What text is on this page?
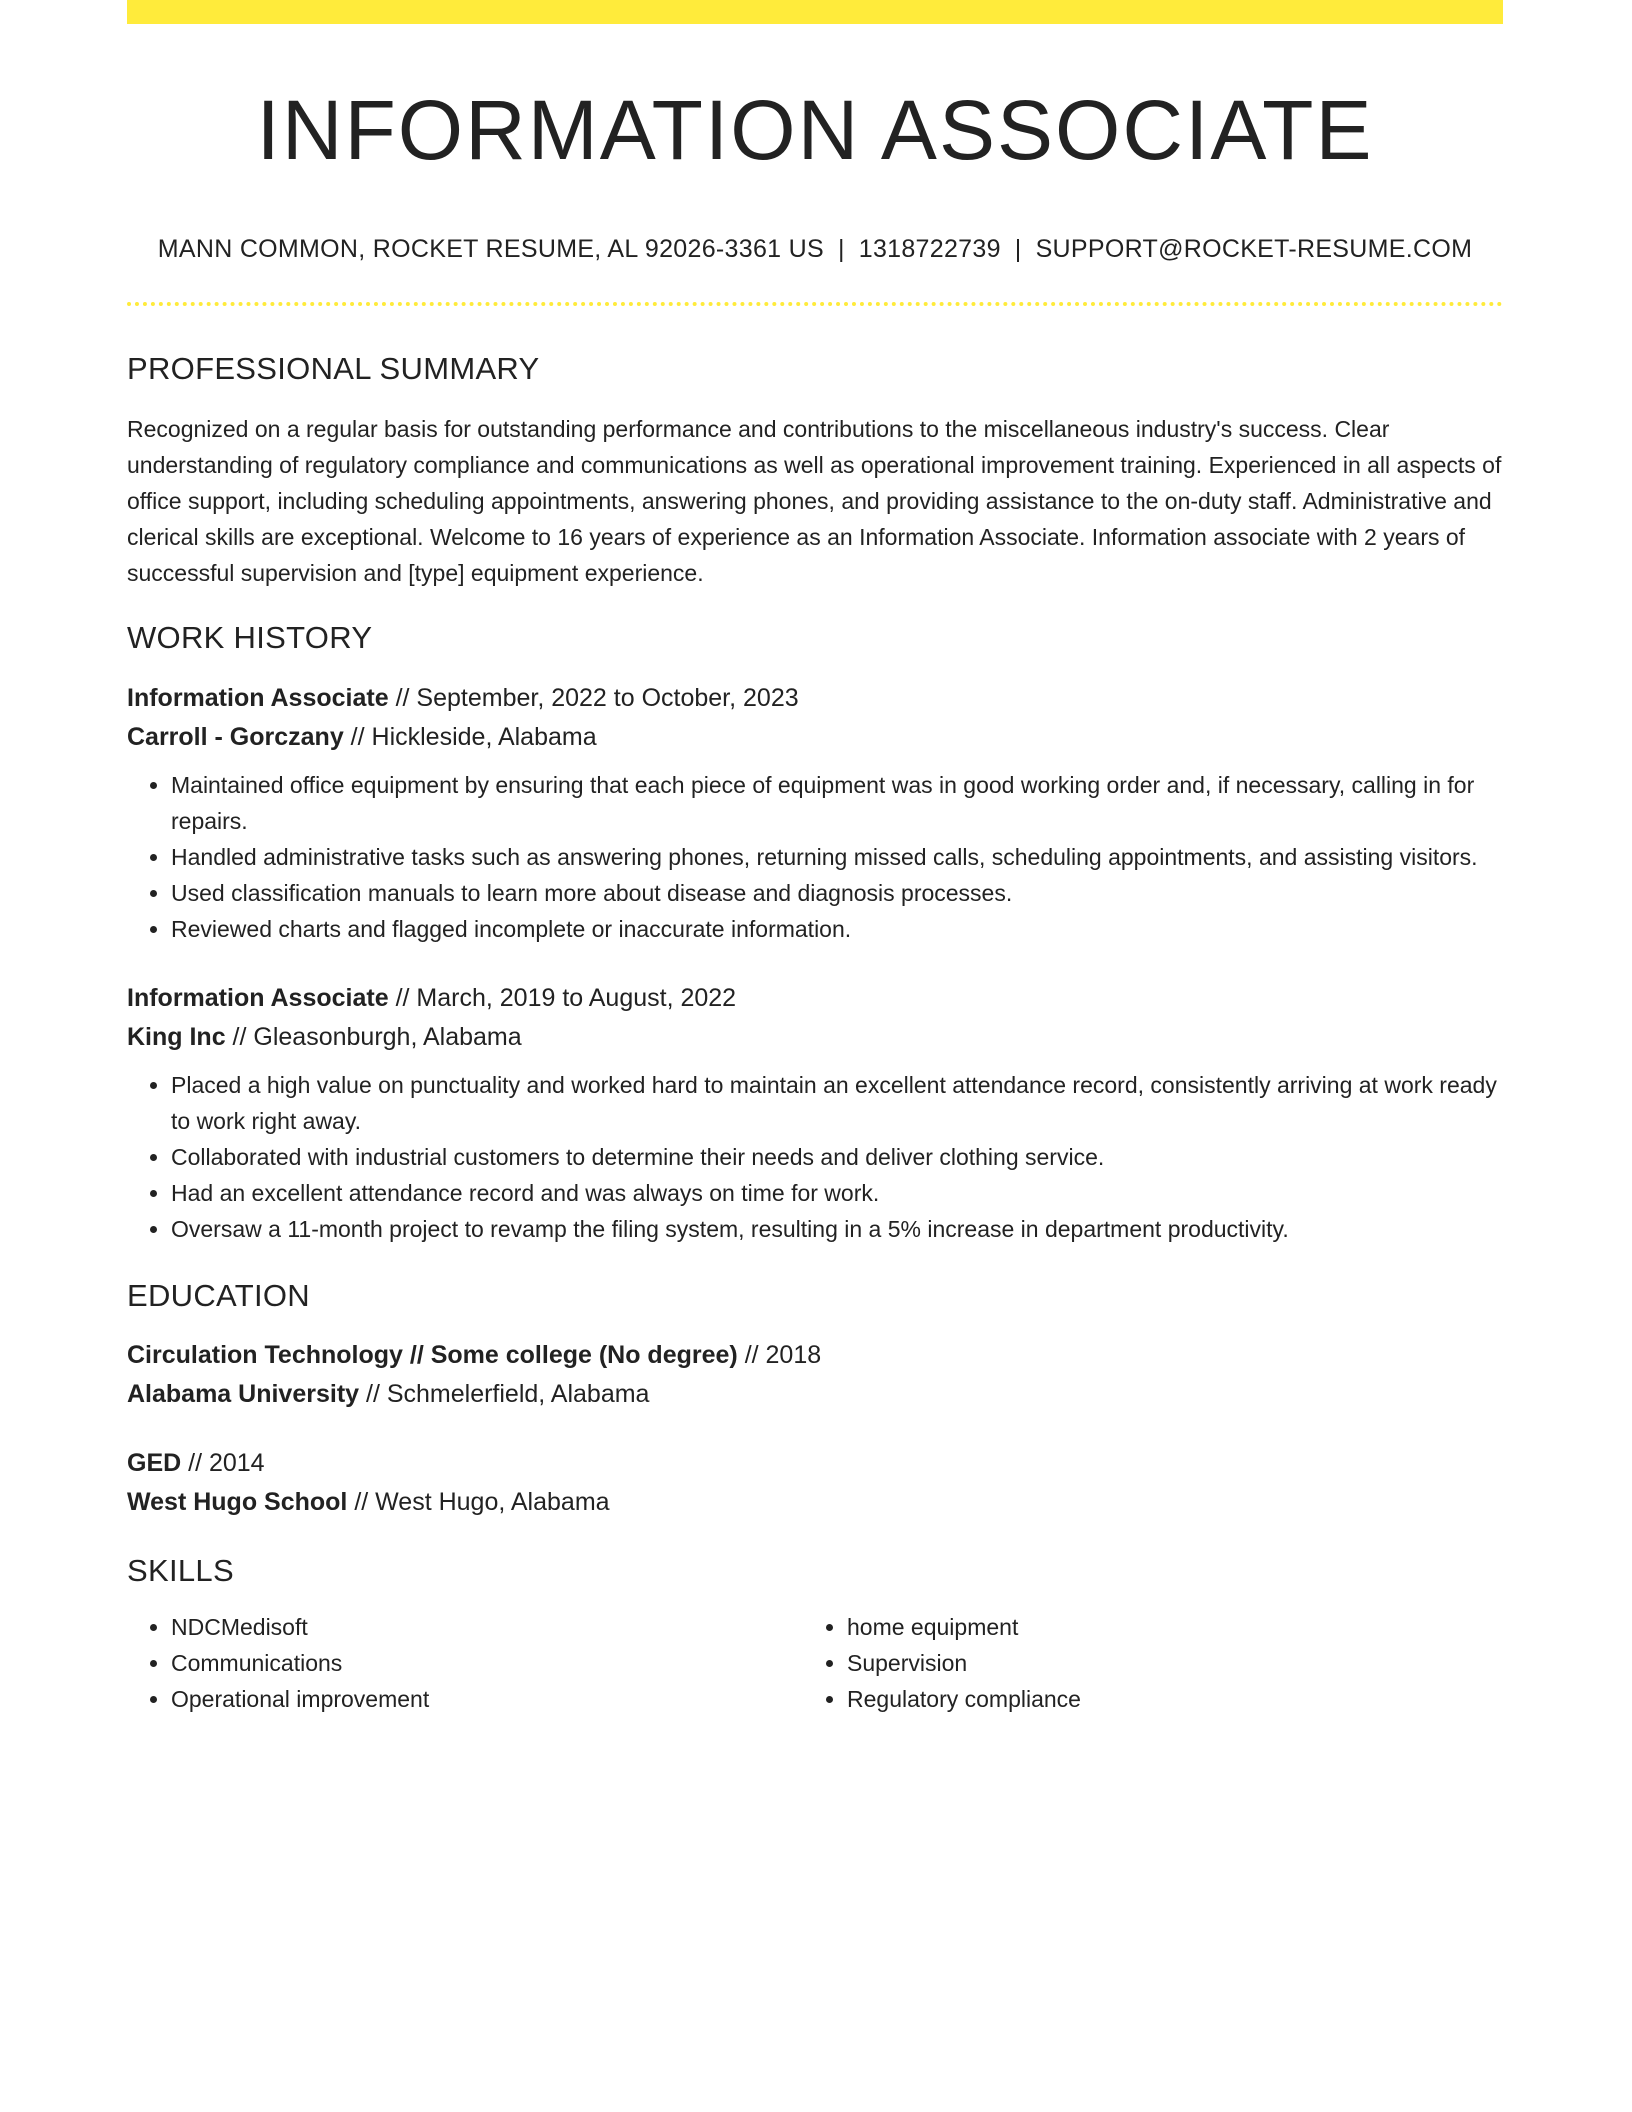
INFORMATION ASSOCIATE
MANN COMMON, ROCKET RESUME, AL 92026-3361 US | 1318722739 | SUPPORT@ROCKET-RESUME.COM
PROFESSIONAL SUMMARY
Recognized on a regular basis for outstanding performance and contributions to the miscellaneous industry's success. Clear understanding of regulatory compliance and communications as well as operational improvement training. Experienced in all aspects of office support, including scheduling appointments, answering phones, and providing assistance to the on-duty staff. Administrative and clerical skills are exceptional. Welcome to 16 years of experience as an Information Associate. Information associate with 2 years of successful supervision and [type] equipment experience.
WORK HISTORY
Information Associate // September, 2022 to October, 2023
Carroll - Gorczany // Hickleside, Alabama
• Maintained office equipment by ensuring that each piece of equipment was in good working order and, if necessary, calling in for repairs.
• Handled administrative tasks such as answering phones, returning missed calls, scheduling appointments, and assisting visitors.
• Used classification manuals to learn more about disease and diagnosis processes.
• Reviewed charts and flagged incomplete or inaccurate information.
Information Associate // March, 2019 to August, 2022
King Inc // Gleasonburgh, Alabama
• Placed a high value on punctuality and worked hard to maintain an excellent attendance record, consistently arriving at work ready to work right away.
• Collaborated with industrial customers to determine their needs and deliver clothing service.
• Had an excellent attendance record and was always on time for work.
• Oversaw a 11-month project to revamp the filing system, resulting in a 5% increase in department productivity.
EDUCATION
Circulation Technology // Some college (No degree) // 2018
Alabama University // Schmelerfield, Alabama
GED // 2014
West Hugo School // West Hugo, Alabama
SKILLS
• NDCMedisoft
• Communications
• Operational improvement
• home equipment
• Supervision
• Regulatory compliance
